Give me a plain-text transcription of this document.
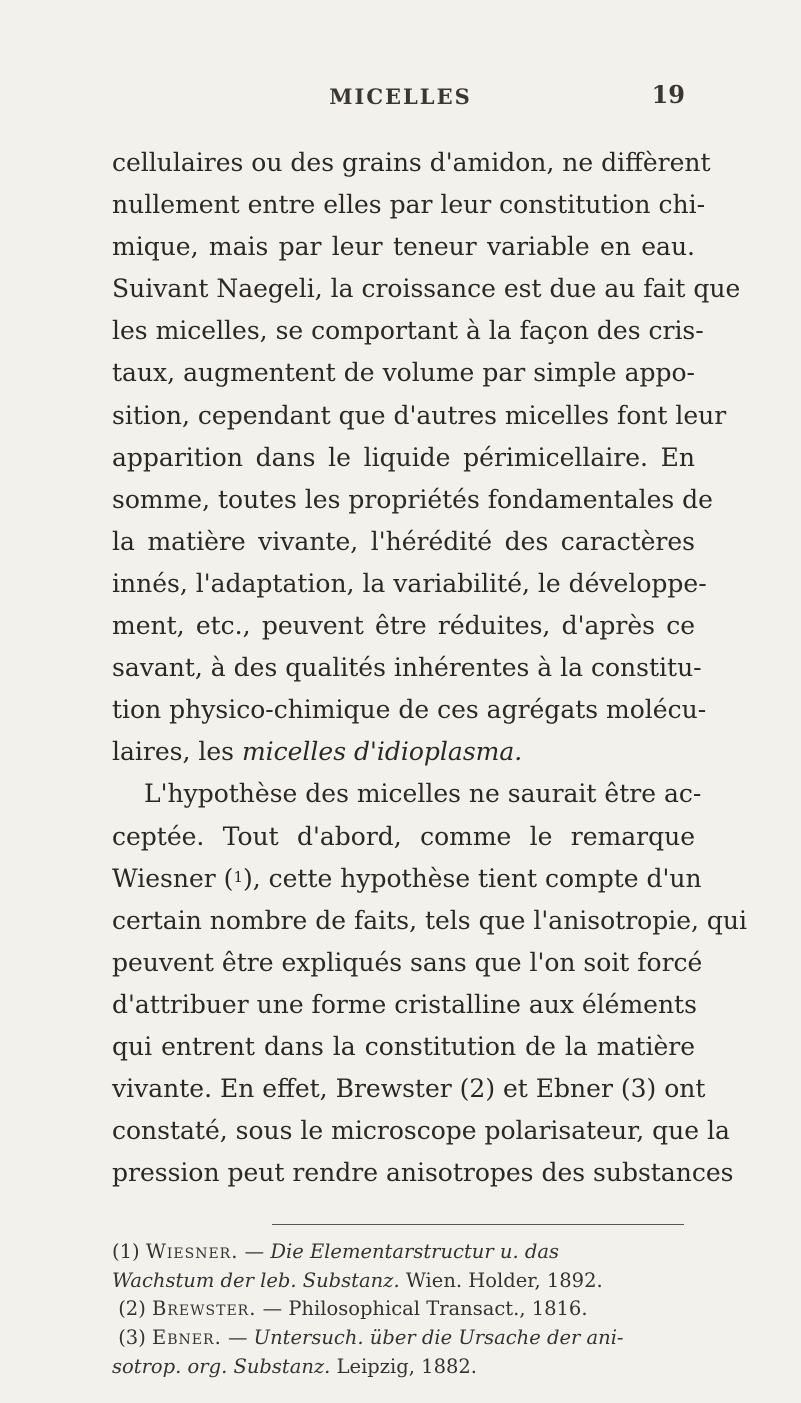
MICELLES	19
cellulaires ou des grains d'amidon, ne diffèrent
nullement entre elles par leur constitution chi-
mique, mais par leur teneur variable en eau.
Suivant Naegeli, la croissance est due au fait que
les micelles, se comportant à la façon des cris-
taux, augmentent de volume par simple appo-
sition, cependant que d'autres micelles font leur
apparition dans le liquide périmicellaire. En
somme, toutes les propriétés fondamentales de
la matière vivante, l'hérédité des caractères
innés, l'adaptation, la variabilité, le développe-
ment, etc., peuvent être réduites, d'après ce
savant, à des qualités inhérentes à la constitu-
tion physico-chimique de ces agrégats molécu-
laires, les micelles d'idioplasma.
L'hypothèse des micelles ne saurait être ac-
ceptée. Tout d'abord, comme le remarque
Wiesner ($^1$), cette hypothèse tient compte d'un
certain nombre de faits, tels que l'anisotropie, qui
peuvent être expliqués sans que l'on soit forcé
d'attribuer une forme cristalline aux éléments
qui entrent dans la constitution de la matière
vivante. En effet, Brewster (2) et Ebner (3) ont
constaté, sous le microscope polarisateur, que la
pression peut rendre anisotropes des substances
(1) Wiesner. — Die Elementarstructur u. das
Wachstum der leb. Substanz. Wien. Holder, 1892.
(2) Brewster. — Philosophical Transact., 1816.
(3) Ebner. — Untersuch. über die Ursache der ani-
sotrop. org. Substanz. Leipzig, 1882.
